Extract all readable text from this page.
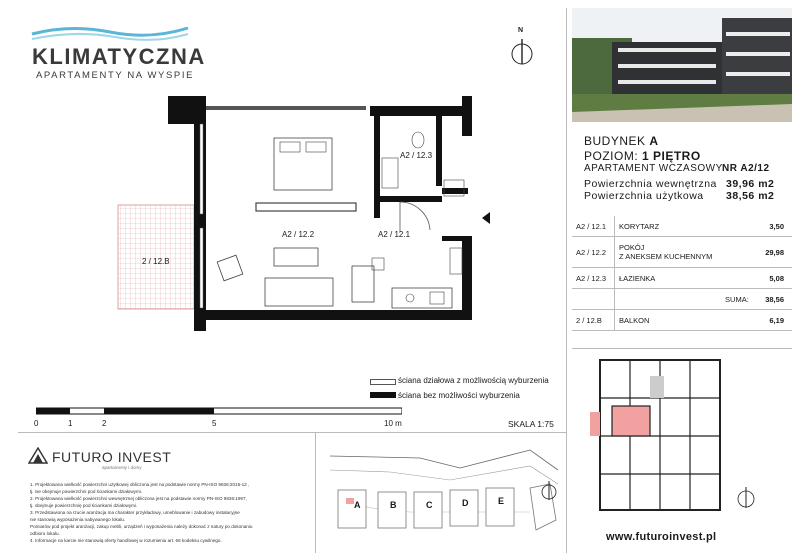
KLIMATYCZNA
APARTAMENTY NA WYSPIE
N
A2 / 12.3
A2 / 12.2	A2 / 12.1
2 / 12.B
ściana działowa z możliwością wyburzenia
ściana bez możliwości wyburzenia
0	1	2	5	10 m	SKALA 1:75
FUTURO INVEST
apartamenty i domy
1. Projektowana wielkość powierzchni użytkowej obliczona jest na podstawie normy PN-ISO 9836:2015-12 ,
tj. nie obejmuje powierzchni pod ściankami działowymi.
2. Projektowana wielkość powierzchni wewnętrznej obliczona jest na podstawie normy PN-ISO 9836:1997,
tj. obejmuje powierzchnię pod ściankami działowymi.
3. Przedstawiona na rzucie aranżacja ma charakter przykładowy, umeblowanie i zabudowy instalacyjne
nie stanowią wyposażenia nabywanego lokalu.
Pomiarów pod projekt aranżacji, zakup mebli, urządzeń i wyposażenia należy dokonać z natury po dokonaniu
odbioru lokalu.
4. Informacje na karcie nie stanowią oferty handlowej w rozumieniu art. 66 kodeksu cywilnego.
A	B	C	D	E
BUDYNEK A
POZIOM: 1 PIĘTRO
APARTAMENT WCZASOWY NR A2/12
Powierzchnia wewnętrzna 39,96 m2
Powierzchnia użytkowa 38,56 m2
A2 / 12.1	KORYTARZ	3,50
A2 / 12.2	POKÓJ
Z ANEKSEM KUCHENNYM	29,98
A2 / 12.3	ŁAZIENKA	5,08
	SUMA:	38,56
2 / 12.B	BALKON	6,19
www.futuroinvest.pl
